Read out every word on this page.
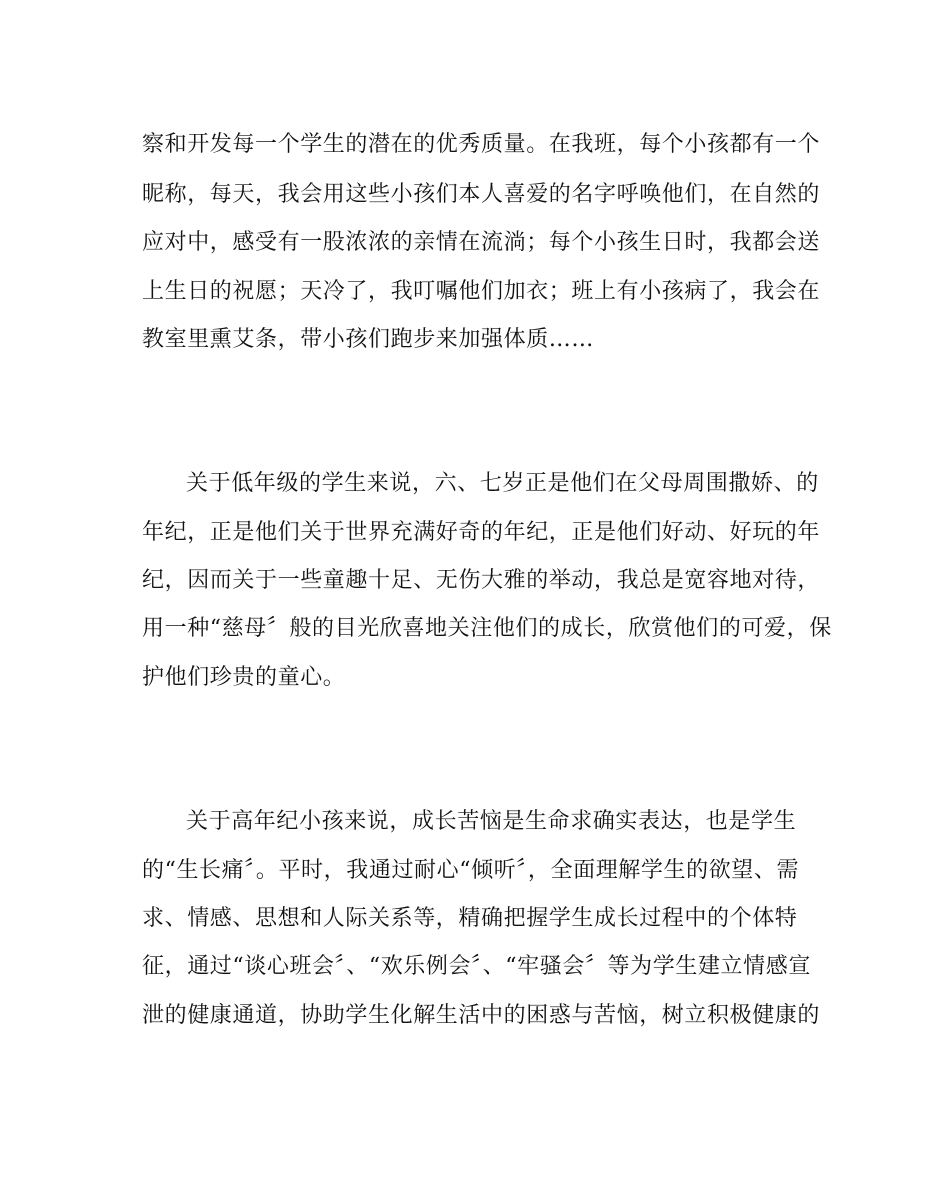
察和开发每一个学生的潜在的优秀质量。在我班，每个小孩都有一个
昵称，每天，我会用这些小孩们本人喜爱的名字呼唤他们，在自然的
应对中，感受有一股浓浓的亲情在流淌；每个小孩生日时，我都会送
上生日的祝愿；天冷了，我叮嘱他们加衣；班上有小孩病了，我会在
教室里熏艾条，带小孩们跑步来加强体质……
关于低年级的学生来说，六、七岁正是他们在父母周围撒娇、的
年纪，正是他们关于世界充满好奇的年纪，正是他们好动、好玩的年
纪，因而关于一些童趣十足、无伤大雅的举动，我总是宽容地对待，
用一种“慈母〞般的目光欣喜地关注他们的成长，欣赏他们的可爱，保
护他们珍贵的童心。
关于高年纪小孩来说，成长苦恼是生命求确实表达，也是学生
的“生长痛〞。平时，我通过耐心“倾听〞，全面理解学生的欲望、需
求、情感、思想和人际关系等，精确把握学生成长过程中的个体特
征，通过“谈心班会〞、“欢乐例会〞、“牢骚会〞等为学生建立情感宣
泄的健康通道，协助学生化解生活中的困惑与苦恼，树立积极健康的
